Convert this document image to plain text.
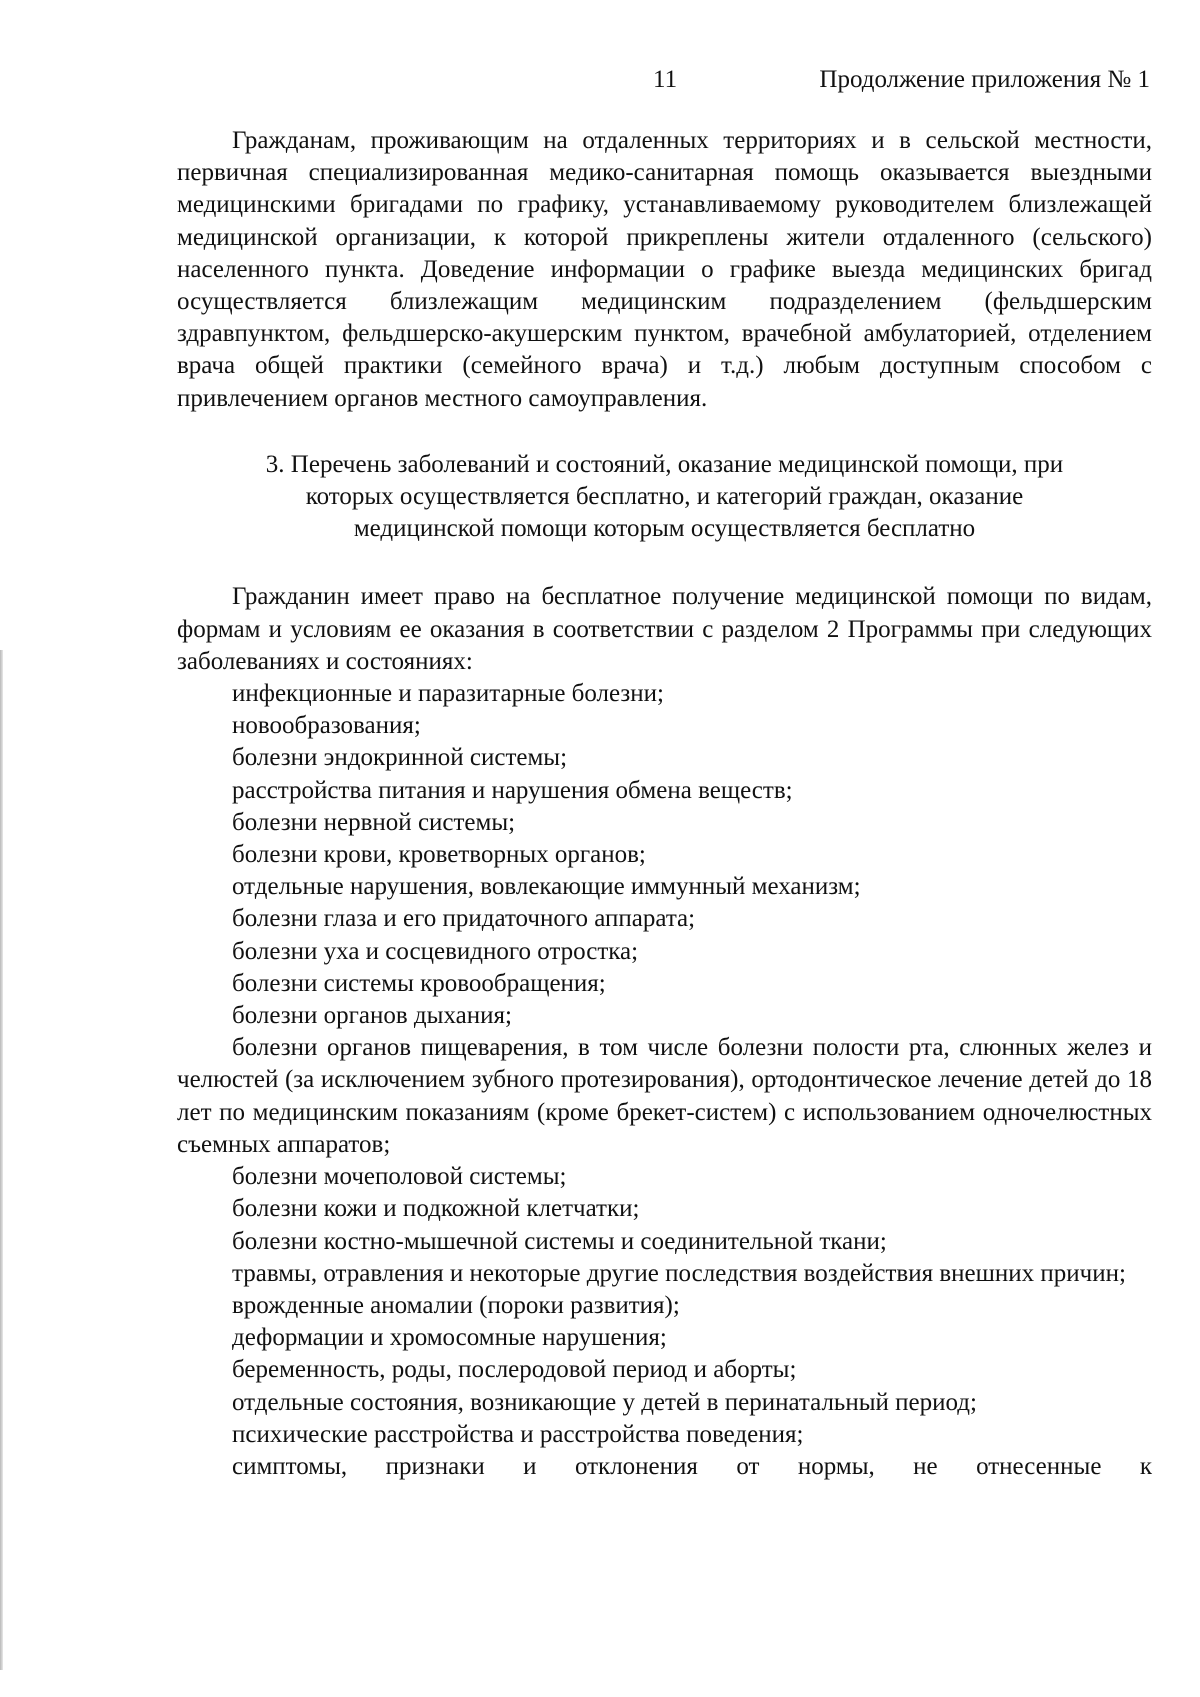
11	Продолжение приложения № 1

Гражданам, проживающим на отдаленных территориях и в сельской местности, первичная специализированная медико-санитарная помощь оказывается выездными медицинскими бригадами по графику, устанавливаемому руководителем близлежащей медицинской организации, к которой прикреплены жители отдаленного (сельского) населенного пункта. Доведение информации о графике выезда медицинских бригад осуществляется близлежащим медицинским подразделением (фельдшерским здравпунктом, фельдшерско-акушерским пунктом, врачебной амбулаторией, отделением врача общей практики (семейного врача) и т.д.) любым доступным способом с привлечением органов местного самоуправления.

3. Перечень заболеваний и состояний, оказание медицинской помощи, при которых осуществляется бесплатно, и категорий граждан, оказание медицинской помощи которым осуществляется бесплатно

Гражданин имеет право на бесплатное получение медицинской помощи по видам, формам и условиям ее оказания в соответствии с разделом 2 Программы при следующих заболеваниях и состояниях:

инфекционные и паразитарные болезни;
новообразования;
болезни эндокринной системы;
расстройства питания и нарушения обмена веществ;
болезни нервной системы;
болезни крови, кроветворных органов;
отдельные нарушения, вовлекающие иммунный механизм;
болезни глаза и его придаточного аппарата;
болезни уха и сосцевидного отростка;
болезни системы кровообращения;
болезни органов дыхания;
болезни органов пищеварения, в том числе болезни полости рта, слюнных желез и челюстей (за исключением зубного протезирования), ортодонтическое лечение детей до 18 лет по медицинским показаниям (кроме брекет-систем) с использованием одночелюстных съемных аппаратов;
болезни мочеполовой системы;
болезни кожи и подкожной клетчатки;
болезни костно-мышечной системы и соединительной ткани;
травмы, отравления и некоторые другие последствия воздействия внешних причин;
врожденные аномалии (пороки развития);
деформации и хромосомные нарушения;
беременность, роды, послеродовой период и аборты;
отдельные состояния, возникающие у детей в перинатальный период;
психические расстройства и расстройства поведения;
симптомы, признаки и отклонения от нормы, не отнесенные к
